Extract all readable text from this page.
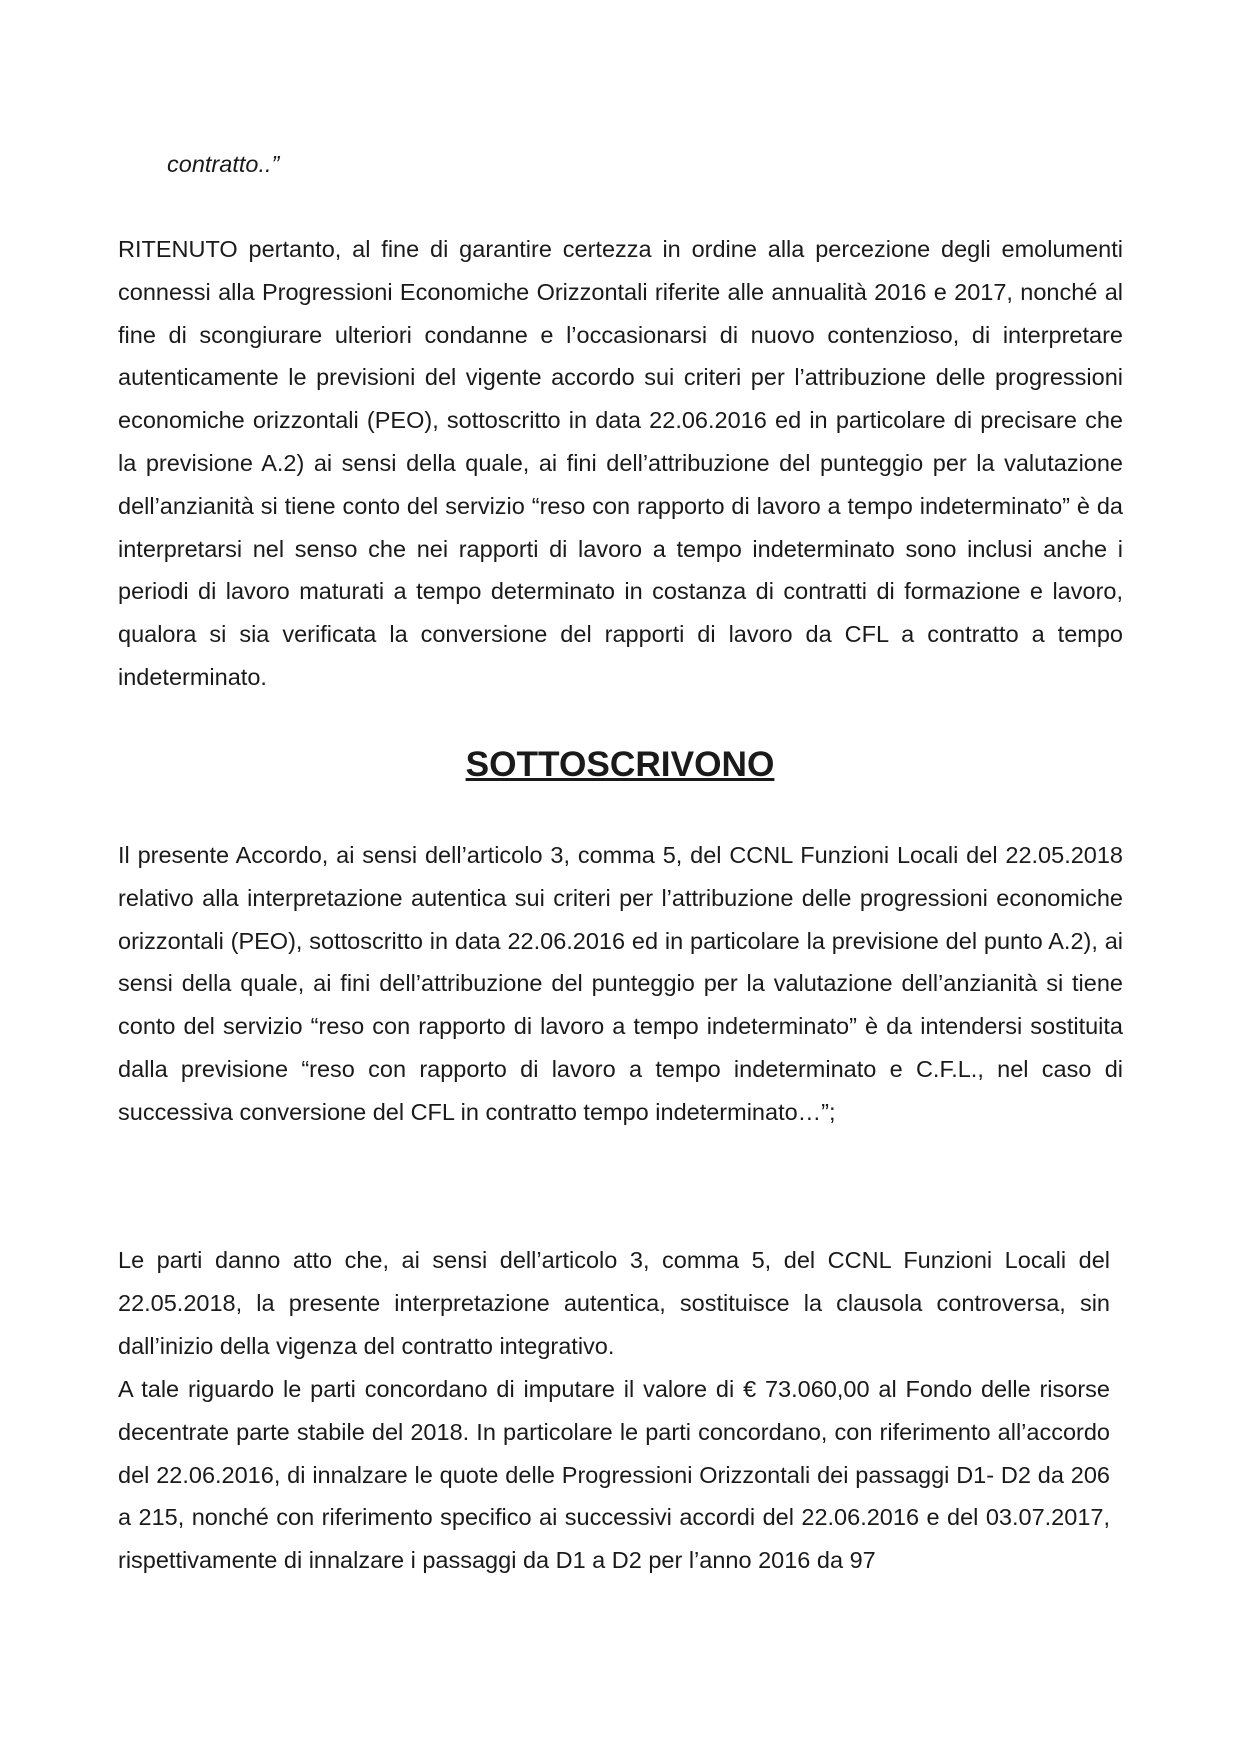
contratto..”

RITENUTO pertanto, al fine di garantire certezza in ordine alla percezione degli emolumenti connessi alla Progressioni Economiche Orizzontali riferite alle annualità 2016 e 2017, nonché al fine di scongiurare ulteriori condanne e l’occasionarsi di nuovo contenzioso, di interpretare autenticamente le previsioni del vigente accordo sui criteri per l’attribuzione delle progressioni economiche orizzontali (PEO), sottoscritto in data 22.06.2016 ed in particolare di precisare che la previsione A.2) ai sensi della quale, ai fini dell’attribuzione del punteggio per la valutazione dell’anzianità si tiene conto del servizio “reso con rapporto di lavoro a tempo indeterminato” è da interpretarsi nel senso che nei rapporti di lavoro a tempo indeterminato sono inclusi anche i periodi di lavoro maturati a tempo determinato in costanza di contratti di formazione e lavoro, qualora si sia verificata la conversione del rapporti di lavoro da CFL a contratto a tempo indeterminato.

SOTTOSCRIVONO

Il presente Accordo, ai sensi dell’articolo 3, comma 5, del CCNL Funzioni Locali del 22.05.2018 relativo alla interpretazione autentica sui criteri per l’attribuzione delle progressioni economiche orizzontali (PEO), sottoscritto in data 22.06.2016 ed in particolare la previsione del punto A.2), ai sensi della quale, ai fini dell’attribuzione del punteggio per la valutazione dell’anzianità si tiene conto del servizio “reso con rapporto di lavoro a tempo indeterminato” è da intendersi sostituita dalla previsione “reso con rapporto di lavoro a tempo indeterminato e C.F.L., nel caso di successiva conversione del CFL in contratto tempo indeterminato…”;

Le parti danno atto che, ai sensi dell’articolo 3, comma 5, del CCNL Funzioni Locali del 22.05.2018, la presente interpretazione autentica, sostituisce la clausola controversa, sin dall’inizio della vigenza del contratto integrativo.

A tale riguardo le parti concordano di imputare il valore di € 73.060,00 al Fondo delle risorse decentrate parte stabile del 2018. In particolare le parti concordano, con riferimento all’accordo del 22.06.2016, di innalzare le quote delle Progressioni Orizzontali dei passaggi D1- D2 da 206 a 215, nonché con riferimento specifico ai successivi accordi del 22.06.2016 e del 03.07.2017, rispettivamente di innalzare i passaggi da D1 a D2 per l’anno 2016 da 97
